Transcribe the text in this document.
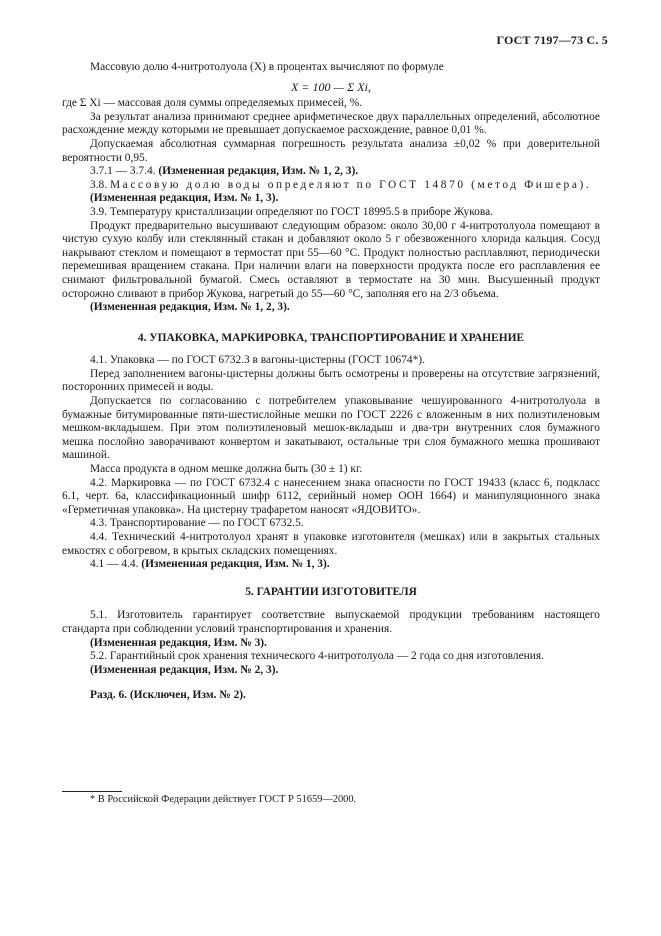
ГОСТ 7197—73 С. 5

Массовую долю 4-нитротолуола (X) в процентах вычисляют по формуле

X = 100 — Σ Xi,

где Σ Xi — массовая доля суммы определяемых примесей, %.

За результат анализа принимают среднее арифметическое двух параллельных определений, абсолютное расхождение между которыми не превышает допускаемое расхождение, равное 0,01 %.

Допускаемая абсолютная суммарная погрешность результата анализа ±0,02 % при доверительной вероятности 0,95.

3.7.1 — 3.7.4. (Измененная редакция, Изм. № 1, 2, 3).

3.8. Массовую долю воды определяют по ГОСТ 14870 (метод Фишера).

(Измененная редакция, Изм. № 1, 3).

3.9. Температуру кристаллизации определяют по ГОСТ 18995.5 в приборе Жукова.

Продукт предварительно высушивают следующим образом: около 30,00 г 4-нитротолуола помещают в чистую сухую колбу или стеклянный стакан и добавляют около 5 г обезвоженного хлорида кальция. Сосуд накрывают стеклом и помещают в термостат при 55—60 °С. Продукт полностью расплавляют, периодически перемешивая вращением стакана. При наличии влаги на поверхности продукта после его расплавления ее снимают фильтровальной бумагой. Смесь оставляют в термостате на 30 мин. Высушенный продукт осторожно сливают в прибор Жукова, нагретый до 55—60 °С, заполняя его на 2/3 объема.

(Измененная редакция, Изм. № 1, 2, 3).

4. УПАКОВКА, МАРКИРОВКА, ТРАНСПОРТИРОВАНИЕ И ХРАНЕНИЕ

4.1. Упаковка — по ГОСТ 6732.3 в вагоны-цистерны (ГОСТ 10674*).

Перед заполнением вагоны-цистерны должны быть осмотрены и проверены на отсутствие загрязнений, посторонних примесей и воды.

Допускается по согласованию с потребителем упаковывание чешуированного 4-нитротолуола в бумажные битумированные пяти-шестислойные мешки по ГОСТ 2226 с вложенным в них полиэтиленовым мешком-вкладышем. При этом полиэтиленовый мешок-вкладыш и два-три внутренних слоя бумажного мешка послойно заворачивают конвертом и закатывают, остальные три слоя бумажного мешка прошивают машиной.

Масса продукта в одном мешке должна быть (30 ± 1) кг.

4.2. Маркировка — по ГОСТ 6732.4 с нанесением знака опасности по ГОСТ 19433 (класс 6, подкласс 6.1, черт. 6а, классификационный шифр 6112, серийный номер ООН 1664) и манипуляционного знака «Герметичная упаковка». На цистерну трафаретом наносят «ЯДОВИТО».

4.3. Транспортирование — по ГОСТ 6732.5.

4.4. Технический 4-нитротолуол хранят в упаковке изготовителя (мешках) или в закрытых стальных емкостях с обогревом, в крытых складских помещениях.

4.1 — 4.4. (Измененная редакция, Изм. № 1, 3).

5. ГАРАНТИИ ИЗГОТОВИТЕЛЯ

5.1. Изготовитель гарантирует соответствие выпускаемой продукции требованиям настоящего стандарта при соблюдении условий транспортирования и хранения.

(Измененная редакция, Изм. № 3).

5.2. Гарантийный срок хранения технического 4-нитротолуола — 2 года со дня изготовления.

(Измененная редакция, Изм. № 2, 3).

Разд. 6. (Исключен, Изм. № 2).

* В Российской Федерации действует ГОСТ Р 51659—2000.
